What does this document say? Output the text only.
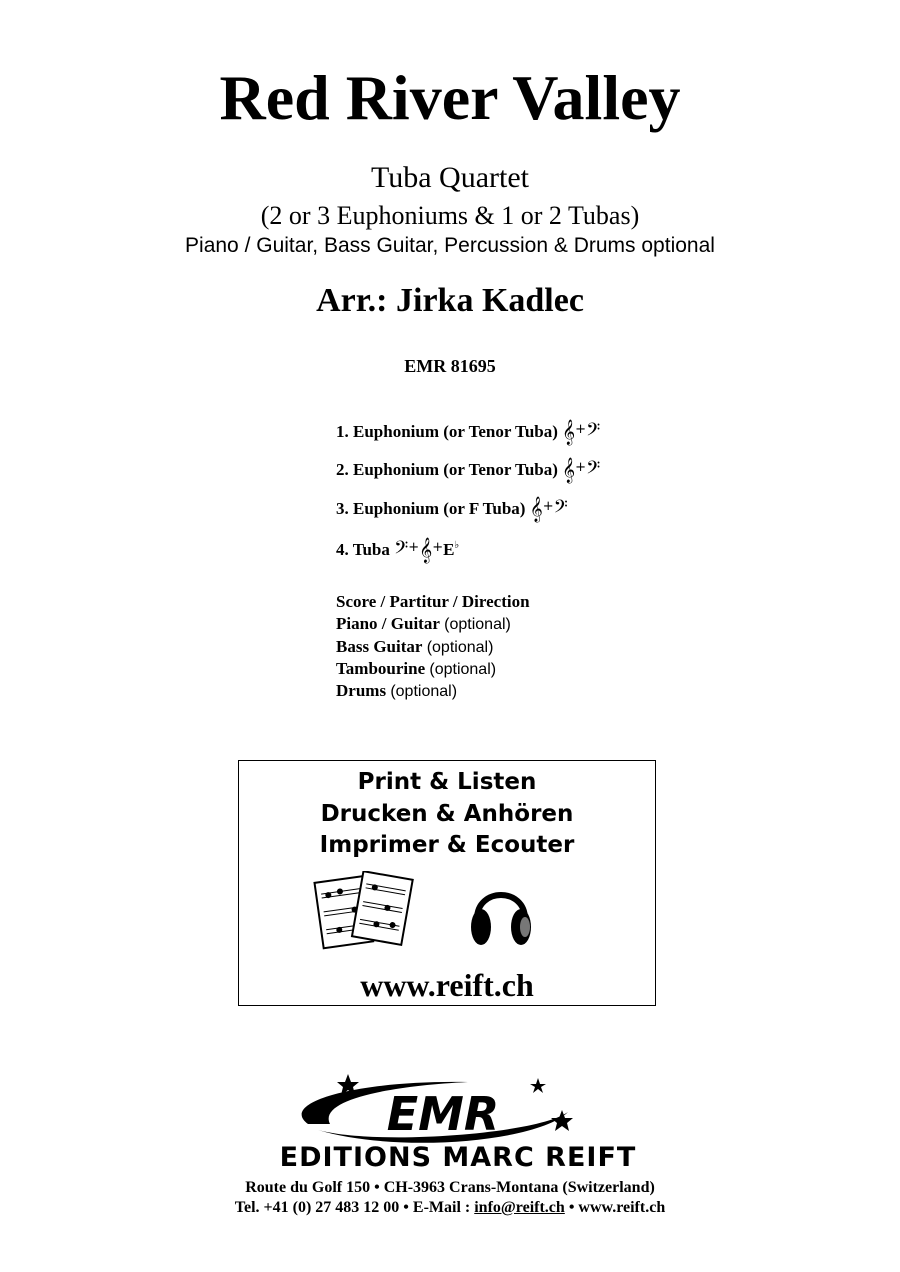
Red River Valley
Tuba Quartet
(2 or 3 Euphoniums & 1 or 2 Tubas)
Piano / Guitar, Bass Guitar, Percussion & Drums optional
Arr.: Jirka Kadlec
EMR 81695
1. Euphonium (or Tenor Tuba) 𝄞+𝄢
2. Euphonium (or Tenor Tuba) 𝄞+𝄢
3. Euphonium (or F Tuba) 𝄞+𝄢
4. Tuba 𝄢+𝄞+E♭
Score / Partitur / Direction
Piano / Guitar (optional)
Bass Guitar (optional)
Tambourine (optional)
Drums (optional)
Print & Listen
Drucken & Anhören
Imprimer & Ecouter
www.reift.ch
EMR
EDITIONS MARC REIFT
Route du Golf 150 • CH-3963 Crans-Montana (Switzerland)
Tel. +41 (0) 27 483 12 00 • E-Mail : info@reift.ch • www.reift.ch
